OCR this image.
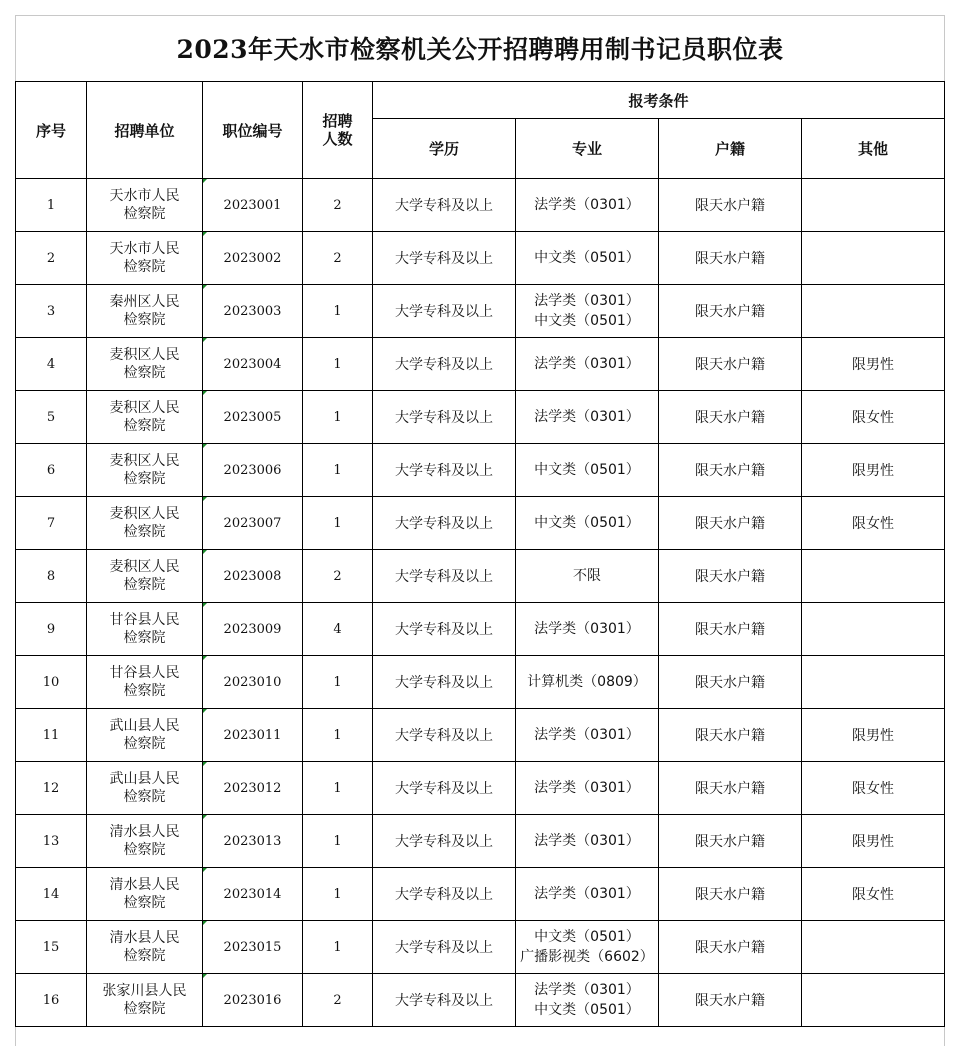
2023年天水市检察机关公开招聘聘用制书记员职位表
序号	招聘单位	职位编号	招聘
人数	报考条件			
				学历	专业	户籍	其他
1	天水市人民
检察院	2023001	2	大学专科及以上	法学类（0301）	限天水户籍	
2	天水市人民
检察院	2023002	2	大学专科及以上	中文类（0501）	限天水户籍	
3	秦州区人民
检察院	2023003	1	大学专科及以上	法学类（0301）
中文类（0501）	限天水户籍	
4	麦积区人民
检察院	2023004	1	大学专科及以上	法学类（0301）	限天水户籍	限男性
5	麦积区人民
检察院	2023005	1	大学专科及以上	法学类（0301）	限天水户籍	限女性
6	麦积区人民
检察院	2023006	1	大学专科及以上	中文类（0501）	限天水户籍	限男性
7	麦积区人民
检察院	2023007	1	大学专科及以上	中文类（0501）	限天水户籍	限女性
8	麦积区人民
检察院	2023008	2	大学专科及以上	不限	限天水户籍	
9	甘谷县人民
检察院	2023009	4	大学专科及以上	法学类（0301）	限天水户籍	
10	甘谷县人民
检察院	2023010	1	大学专科及以上	计算机类（0809）	限天水户籍	
11	武山县人民
检察院	2023011	1	大学专科及以上	法学类（0301）	限天水户籍	限男性
12	武山县人民
检察院	2023012	1	大学专科及以上	法学类（0301）	限天水户籍	限女性
13	清水县人民
检察院	2023013	1	大学专科及以上	法学类（0301）	限天水户籍	限男性
14	清水县人民
检察院	2023014	1	大学专科及以上	法学类（0301）	限天水户籍	限女性
15	清水县人民
检察院	2023015	1	大学专科及以上	中文类（0501）
广播影视类（6602）	限天水户籍	
16	张家川县人民
检察院	2023016	2	大学专科及以上	法学类（0301）
中文类（0501）	限天水户籍	
